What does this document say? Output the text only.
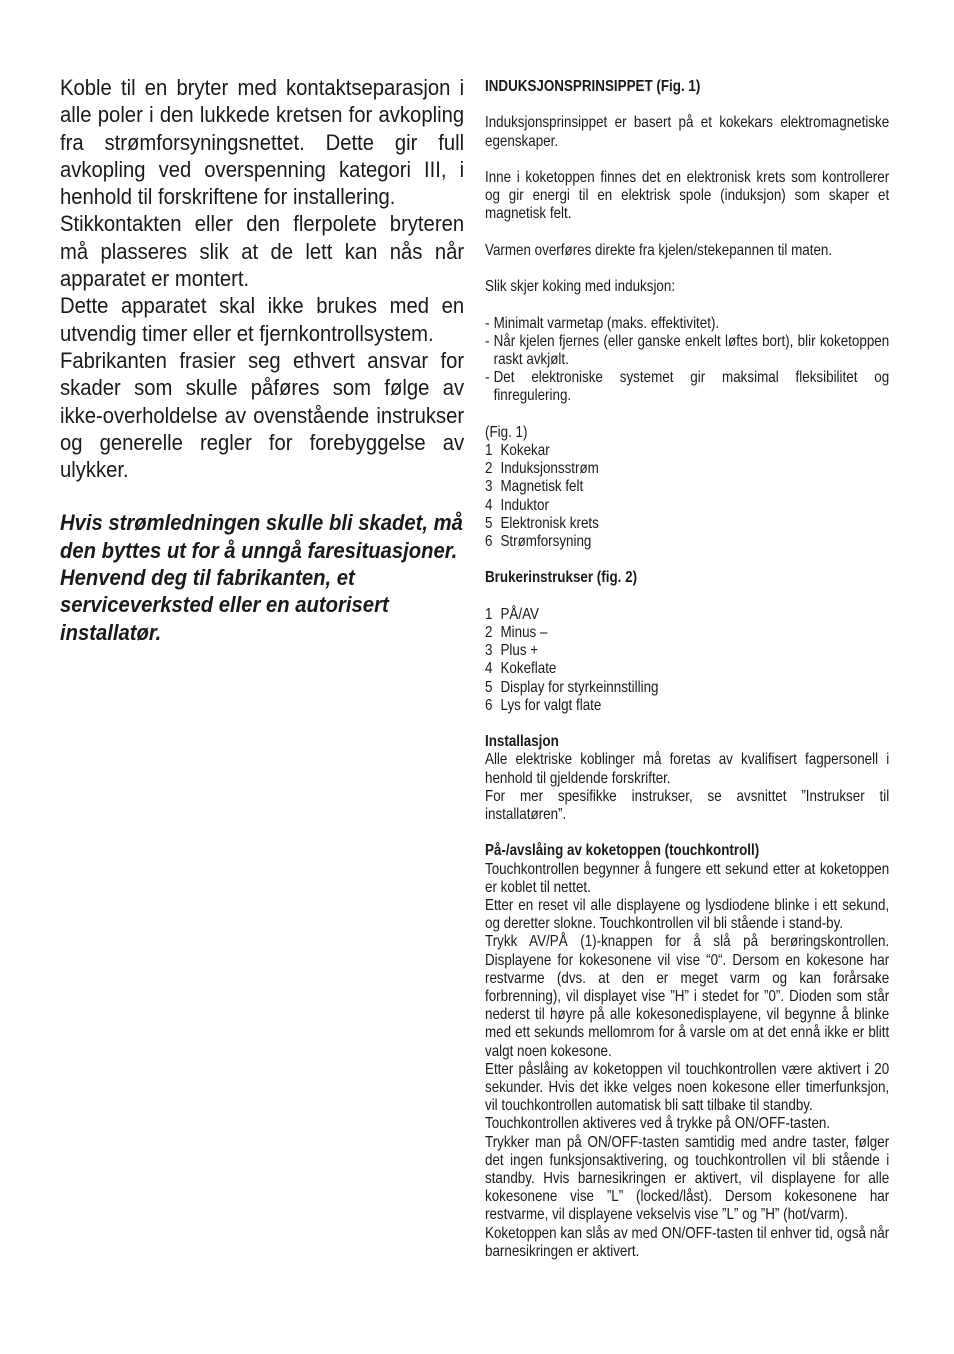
Koble til en bryter med kontaktseparasjon i alle poler i den lukkede kretsen for avkopling fra strømforsyningsnettet. Dette gir full avkopling ved overspenning kategori III, i henhold til forskriftene for installering.

Stikkontakten eller den flerpolete bryteren må plasseres slik at de lett kan nås når apparatet er montert.

Dette apparatet skal ikke brukes med en utvendig timer eller et fjernkontrollsystem.

Fabrikanten frasier seg ethvert ansvar for skader som skulle påføres som følge av ikke-overholdelse av ovenstående instrukser og generelle regler for forebyggelse av ulykker.

Hvis strømledningen skulle bli skadet, må den byttes ut for å unngå faresituasjoner. Henvend deg til fabrikanten, et serviceverksted eller en autorisert installatør.

INDUKSJONSPRINSIPPET (Fig. 1)

Induksjonsprinsippet er basert på et kokekars elektromagnetiske egenskaper.

Inne i koketoppen finnes det en elektronisk krets som kontrollerer og gir energi til en elektrisk spole (induksjon) som skaper et magnetisk felt.

Varmen overføres direkte fra kjelen/stekepannen til maten.

Slik skjer koking med induksjon:

- Minimalt varmetap (maks. effektivitet).
- Når kjelen fjernes (eller ganske enkelt løftes bort), blir koketoppen raskt avkjølt.
- Det elektroniske systemet gir maksimal fleksibilitet og finregulering.

(Fig. 1)

1 Kokekar
2 Induksjonsstrøm
3 Magnetisk felt
4 Induktor
5 Elektronisk krets
6 Strømforsyning

Brukerinstrukser (fig. 2)

1 PÅ/AV
2 Minus –
3 Plus +
4 Kokeflate
5 Display for styrkeinnstilling
6 Lys for valgt flate

Installasjon

Alle elektriske koblinger må foretas av kvalifisert fagpersonell i henhold til gjeldende forskrifter.

For mer spesifikke instrukser, se avsnittet ”Instrukser til installatøren”.

På-/avslåing av koketoppen (touchkontroll)

Touchkontrollen begynner å fungere ett sekund etter at koketoppen er koblet til nettet.

Etter en reset vil alle displayene og lysdiodene blinke i ett sekund, og deretter slokne. Touchkontrollen vil bli stående i stand-by.

Trykk AV/PÅ (1)-knappen for å slå på berøringskontrollen. Displayene for kokesonene vil vise “0“. Dersom en kokesone har restvarme (dvs. at den er meget varm og kan forårsake forbrenning), vil displayet vise ”H” i stedet for ”0”. Dioden som står nederst til høyre på alle kokesonedisplayene, vil begynne å blinke med ett sekunds mellomrom for å varsle om at det ennå ikke er blitt valgt noen kokesone.

Etter påslåing av koketoppen vil touchkontrollen være aktivert i 20 sekunder. Hvis det ikke velges noen kokesone eller timerfunksjon, vil touchkontrollen automatisk bli satt tilbake til standby.

Touchkontrollen aktiveres ved å trykke på ON/OFF-tasten.

Trykker man på ON/OFF-tasten samtidig med andre taster, følger det ingen funksjonsaktivering, og touchkontrollen vil bli stående i standby. Hvis barnesikringen er aktivert, vil displayene for alle kokesonene vise ”L” (locked/låst). Dersom kokesonene har restvarme, vil displayene vekselvis vise ”L” og ”H” (hot/varm).

Koketoppen kan slås av med ON/OFF-tasten til enhver tid, også når barnesikringen er aktivert.
